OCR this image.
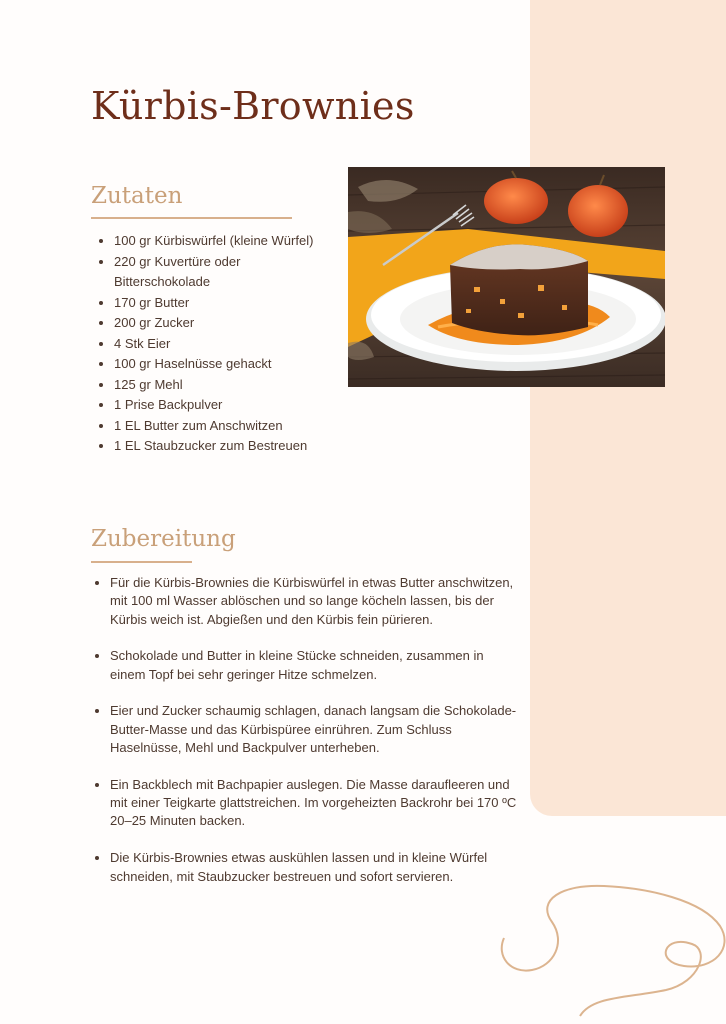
Kürbis-Brownies
Zutaten
100 gr Kürbiswürfel (kleine Würfel)
220 gr Kuvertüre oder Bitterschokolade
170 gr Butter
200 gr Zucker
4 Stk Eier
100 gr Haselnüsse gehackt
125 gr Mehl
1 Prise Backpulver
1 EL Butter zum Anschwitzen
1 EL Staubzucker zum Bestreuen
Zubereitung
Für die Kürbis-Brownies die Kürbiswürfel in etwas Butter anschwitzen, mit 100 ml Wasser ablöschen und so lange köcheln lassen, bis der Kürbis weich ist. Abgießen und den Kürbis fein pürieren.
Schokolade und Butter in kleine Stücke schneiden, zusammen in einem Topf bei sehr geringer Hitze schmelzen.
Eier und Zucker schaumig schlagen, danach langsam die Schokolade-Butter-Masse und das Kürbispüree einrühren. Zum Schluss Haselnüsse, Mehl und Backpulver unterheben.
Ein Backblech mit Bachpapier auslegen. Die Masse daraufleeren und mit einer Teigkarte glattstreichen. Im vorgeheizten Backrohr bei 170 ºC 20–25 Minuten backen.
Die Kürbis-Brownies etwas auskühlen lassen und in kleine Würfel schneiden, mit Staubzucker bestreuen und sofort servieren.
